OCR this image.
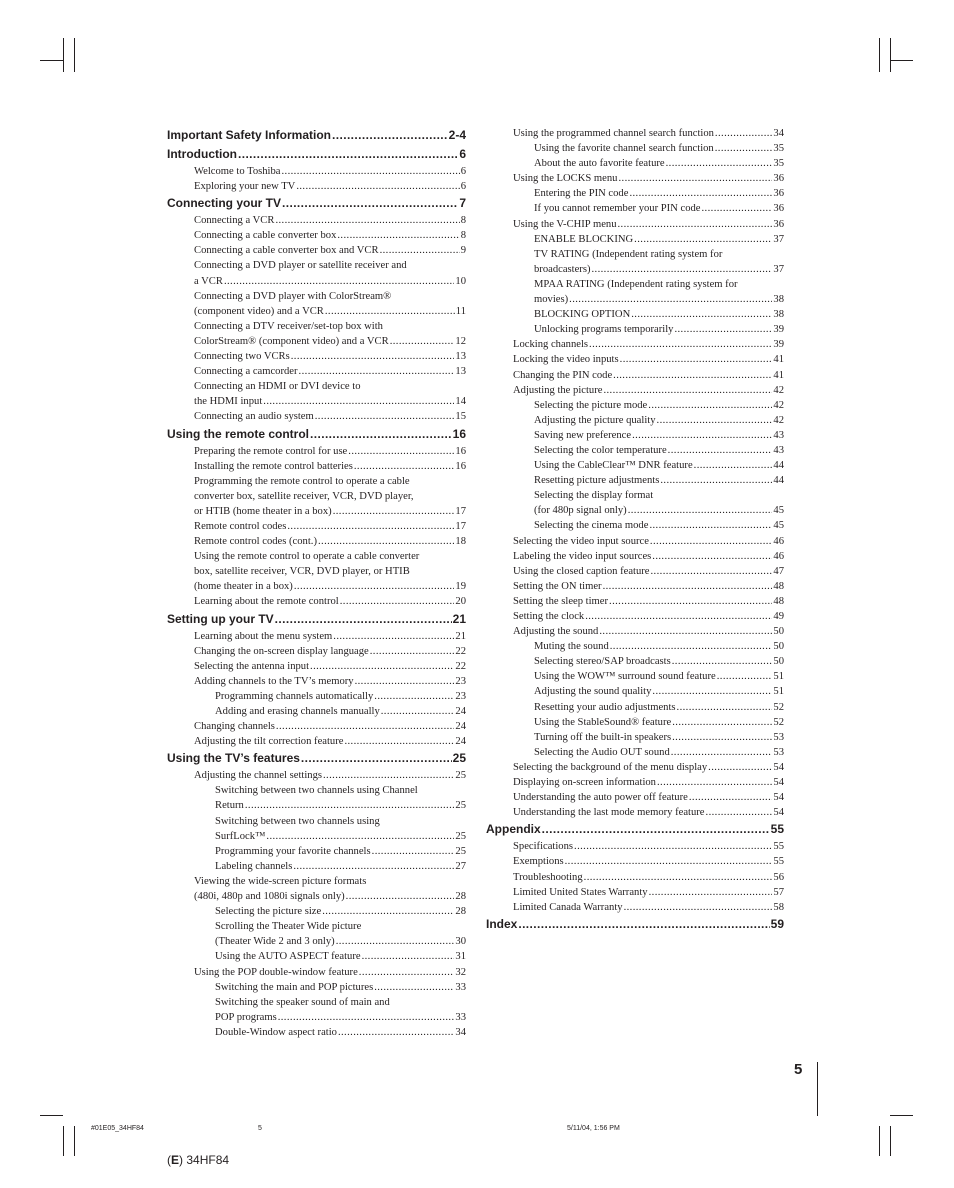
Important Safety Information .....	2-4
Introduction .....	6
Welcome to Toshiba .....	6
Exploring your new TV .....	6
Connecting your TV .....	7
Connecting a VCR .....	8
Connecting a cable converter box .....	8
Connecting a cable converter box and VCR .....	9
Connecting a DVD player or satellite receiver and
a VCR .....	10
Connecting a DVD player with ColorStream®
(component video) and a VCR .....	11
Connecting a DTV receiver/set-top box with
ColorStream® (component video) and a VCR .....	12
Connecting two VCRs .....	13
Connecting a camcorder .....	13
Connecting an HDMI or DVI device to
the HDMI input .....	14
Connecting an audio system .....	15
Using the remote control .....	16
Preparing the remote control for use .....	16
Installing the remote control batteries .....	16
Programming the remote control to operate a cable
converter box, satellite receiver, VCR, DVD player,
or HTIB (home theater in a box) .....	17
Remote control codes .....	17
Remote control codes (cont.) .....	18
Using the remote control to operate a cable converter
box, satellite receiver, VCR, DVD player, or HTIB
(home theater in a box) .....	19
Learning about the remote control .....	20
Setting up your TV .....	21
Learning about the menu system .....	21
Changing the on-screen display language .....	22
Selecting the antenna input .....	22
Adding channels to the TV’s memory .....	23
Programming channels automatically .....	23
Adding and erasing channels manually .....	24
Changing channels .....	24
Adjusting the tilt correction feature .....	24
Using the TV’s features .....	25
Adjusting the channel settings .....	25
Switching between two channels using Channel
Return .....	25
Switching between two channels using
SurfLock™ .....	25
Programming your favorite channels .....	25
Labeling channels .....	27
Viewing the wide-screen picture formats
(480i, 480p and 1080i signals only) .....	28
Selecting the picture size .....	28
Scrolling the Theater Wide picture
(Theater Wide 2 and 3 only) .....	30
Using the AUTO ASPECT feature .....	31
Using the POP double-window feature .....	32
Switching the main and POP pictures .....	33
Switching the speaker sound of main and
POP programs .....	33
Double-Window aspect ratio .....	34
Using the programmed channel search function .....	34
Using the favorite channel search function .....	35
About the auto favorite feature .....	35
Using the LOCKS menu .....	36
Entering the PIN code .....	36
If you cannot remember your PIN code .....	36
Using the V-CHIP menu .....	36
ENABLE BLOCKING .....	37
TV RATING (Independent rating system for
broadcasters) .....	37
MPAA RATING (Independent rating system for
movies) .....	38
BLOCKING OPTION .....	38
Unlocking programs temporarily .....	39
Locking channels .....	39
Locking the video inputs .....	41
Changing the PIN code .....	41
Adjusting the picture .....	42
Selecting the picture mode .....	42
Adjusting the picture quality .....	42
Saving new preference .....	43
Selecting the color temperature .....	43
Using the CableClear™ DNR feature .....	44
Resetting picture adjustments .....	44
Selecting the display format
(for 480p signal only) .....	45
Selecting the cinema mode .....	45
Selecting the video input source .....	46
Labeling the video input sources .....	46
Using the closed caption feature .....	47
Setting the ON timer .....	48
Setting the sleep timer .....	48
Setting the clock .....	49
Adjusting the sound .....	50
Muting the sound .....	50
Selecting stereo/SAP broadcasts .....	50
Using the WOW™ surround sound feature .....	51
Adjusting the sound quality .....	51
Resetting your audio adjustments .....	52
Using the StableSound® feature .....	52
Turning off the built-in speakers .....	53
Selecting the Audio OUT sound .....	53
Selecting the background of the menu display .....	54
Displaying on-screen information .....	54
Understanding the auto power off feature .....	54
Understanding the last mode memory feature .....	54
Appendix .....	55
Specifications .....	55
Exemptions .....	55
Troubleshooting .....	56
Limited United States Warranty .....	57
Limited Canada Warranty .....	58
Index .....	59
5
#01E05_34HF84	5	5/11/04, 1:56 PM
(E) 34HF84
